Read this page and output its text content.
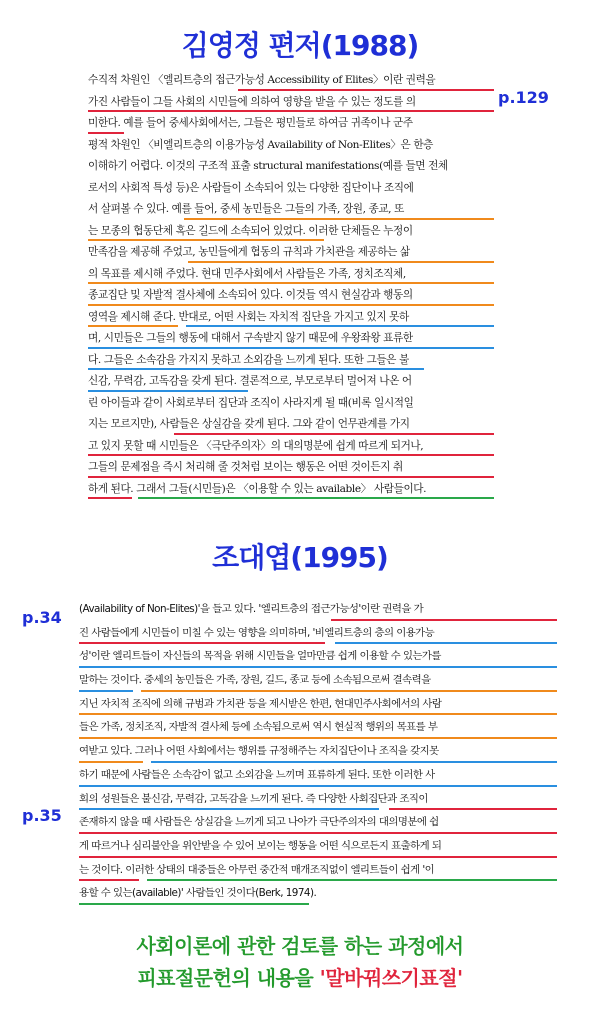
김영정 편저(1988)
p.129
수직적 차원인 〈엘리트층의 접근가능성 Accessibility of Elites〉이란 권력을
가진 사람들이 그들 사회의 시민들에 의하여 영향을 받을 수 있는 정도를 의
미한다. 예를 들어 중세사회에서는, 그들은 평민들로 하여금 귀족이나 군주
평적 차원인 〈비엘리트층의 이용가능성 Availability of Non-Elites〉은 한층
이해하기 어렵다. 이것의 구조적 표출 structural manifestations(예를 들면 전체
로서의 사회적 특성 등)은 사람들이 소속되어 있는 다양한 집단이나 조직에
서 살펴볼 수 있다. 예를 들어, 중세 농민들은 그들의 가족, 장원, 종교, 또
는 모종의 협동단체 혹은 길드에 소속되어 있었다. 이러한 단체들은 누정이
만족감을 제공해 주었고, 농민들에게 협동의 규칙과 가치관을 제공하는 삶
의 목표를 제시해 주었다. 현대 민주사회에서 사람들은 가족, 정치조직체,
종교집단 및 자발적 결사체에 소속되어 있다. 이것들 역시 현실감과 행동의
영역을 제시해 준다. 반대로, 어떤 사회는 자치적 집단을 가지고 있지 못하
며, 시민들은 그들의 행동에 대해서 구속받지 않기 때문에 우왕좌왕 표류한
다. 그들은 소속감을 가지지 못하고 소외감을 느끼게 된다. 또한 그들은 불
신감, 무력감, 고독감을 갖게 된다. 결론적으로, 부모로부터 멀어져 나온 어
린 아이들과 같이 사회로부터 집단과 조직이 사라지게 될 때(비록 일시적일
지는 모르지만), 사람들은 상실감을 갖게 된다. 그와 같이 언무관계를 가지
고 있지 못할 때 시민들은 〈극단주의자〉의 대의명분에 쉽게 따르게 되거나,
그들의 문제점을 즉시 처리해 줄 것처럼 보이는 행동은 어떤 것이든지 취
하게 된다. 그래서 그들(시민들)은 〈이용할 수 있는 available〉 사람들이다.
조대엽(1995)
p.34
p.35
(Availability of Non-Elites)'을 들고 있다. '엘리트층의 접근가능성'이란 권력을 가
진 사람들에게 시민들이 미칠 수 있는 영향을 의미하며, '비엘리트층의 층의 이용가능
성'이란 엘리트들이 자신들의 목적을 위해 시민들을 얼마만큼 쉽게 이용할 수 있는가를
말하는 것이다. 중세의 농민들은 가족, 장원, 길드, 종교 등에 소속됨으로써 결속력을
지닌 자치적 조직에 의해 규범과 가치관 등을 제시받은 한편, 현대민주사회에서의 사람
들은 가족, 정치조직, 자발적 결사체 등에 소속됨으로써 역시 현실적 행위의 목표를 부
여받고 있다. 그러나 어떤 사회에서는 행위를 규정해주는 자치집단이나 조직을 갖지못
하기 때문에 사람들은 소속감이 없고 소외감을 느끼며 표류하게 된다. 또한 이러한 사
회의 성원들은 불신감, 무력감, 고독감을 느끼게 된다. 즉 다양한 사회집단과 조직이
존재하지 않을 때 사람들은 상실감을 느끼게 되고 나아가 극단주의자의 대의명분에 쉽
게 따르거나 심리불안을 위안받을 수 있어 보이는 행동을 어떤 식으로든지 표출하게 되
는 것이다. 이러한 상태의 대중들은 아무런 중간적 매개조직없이 엘리트들이 쉽게 '이
용할 수 있는(available)' 사람들인 것이다(Berk, 1974).
사회이론에 관한 검토를 하는 과정에서
피표절문헌의 내용을 '말바꿔쓰기표절'
